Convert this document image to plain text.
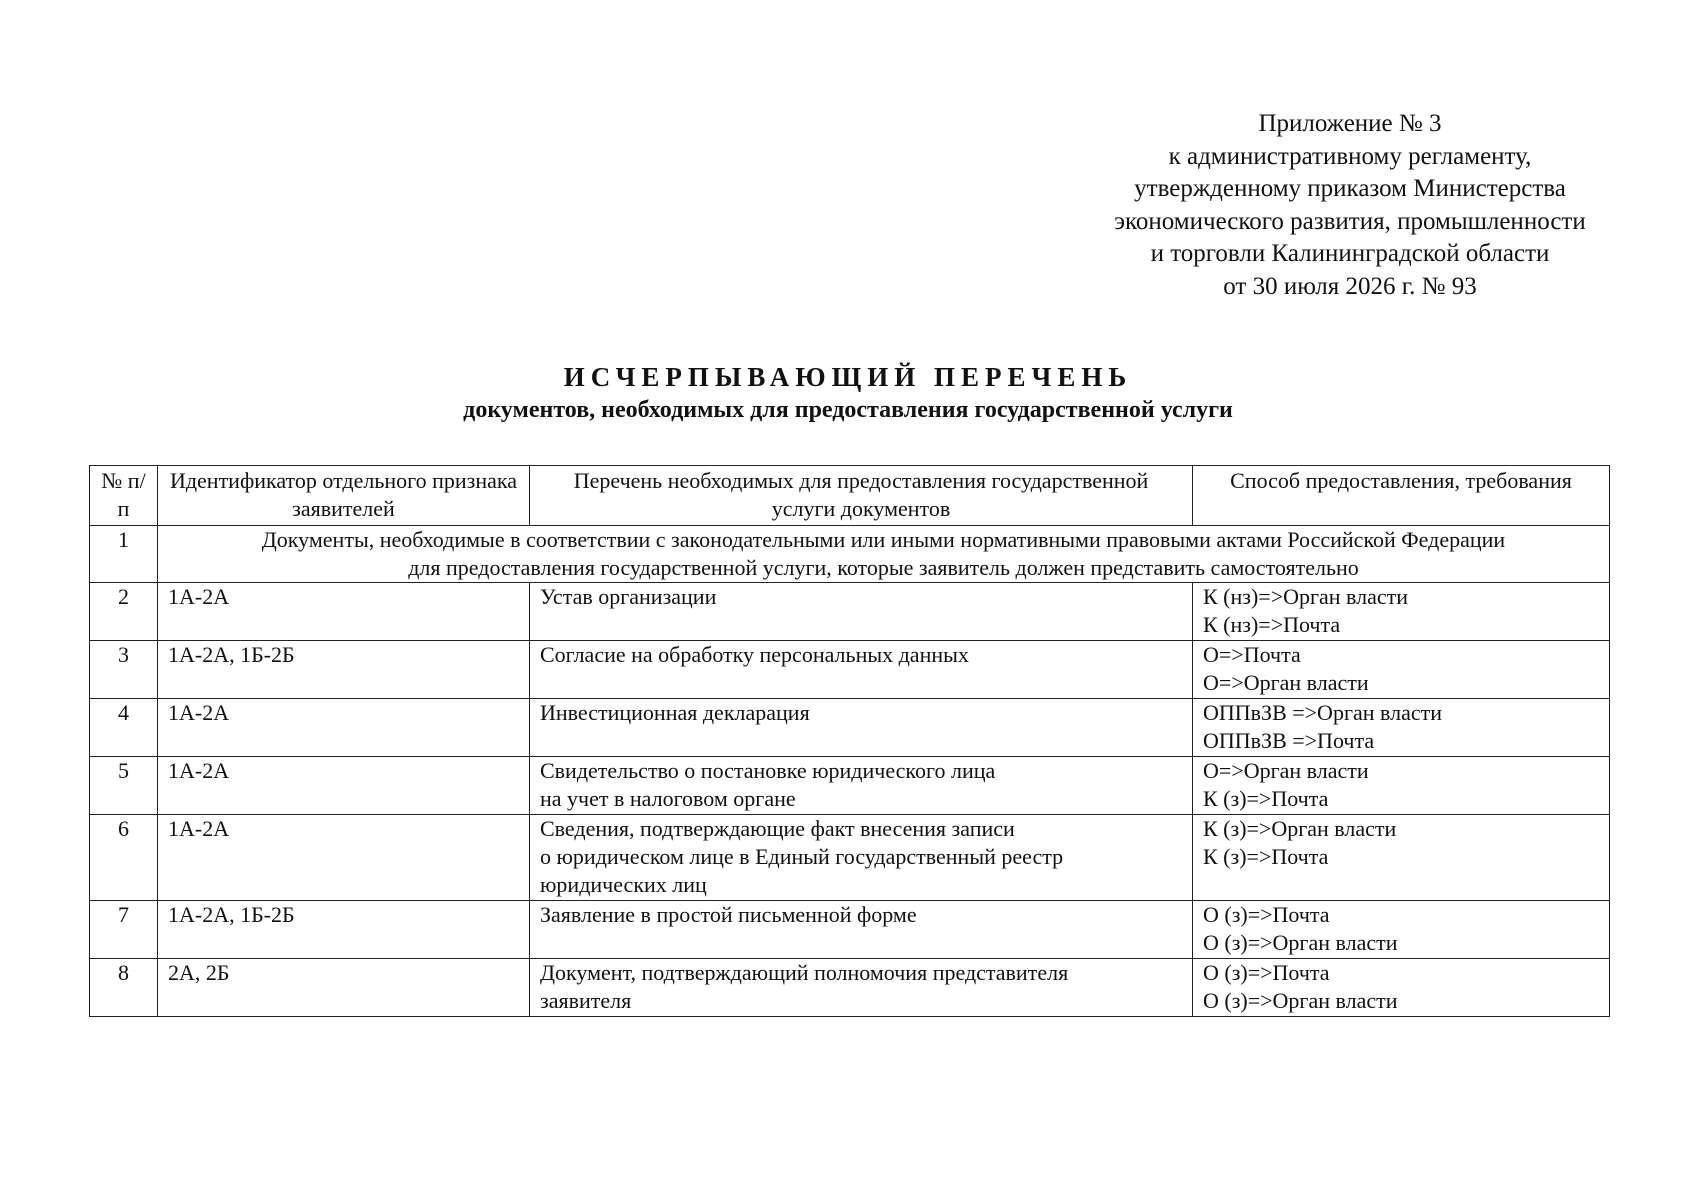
Приложение № 3
к административному регламенту,
утвержденному приказом Министерства
экономического развития, промышленности
и торговли Калининградской области
от 30 июля 2026 г. № 93
ИСЧЕРПЫВАЮЩИЙ ПЕРЕЧЕНЬ
документов, необходимых для предоставления государственной услуги
№ п/п	Идентификатор отдельного признака заявителей	Перечень необходимых для предоставления государственной услуги документов	Способ предоставления, требования
1	Документы, необходимые в соответствии с законодательными или иными нормативными правовыми актами Российской Федерации
для предоставления государственной услуги, которые заявитель должен представить самостоятельно		

2	1А-2А	Устав организации	К (нз)=>Орган власти
К (нз)=>Почта

3	1А-2А, 1Б-2Б	Согласие на обработку персональных данных	О=>Почта
О=>Орган власти

4	1А-2А	Инвестиционная декларация	ОППвЗВ =>Орган власти
ОППвЗВ =>Почта

5	1А-2А	Свидетельство о постановке юридического лица
на учет в налоговом органе	О=>Орган власти
К (з)=>Почта

6	1А-2А	Сведения, подтверждающие факт внесения записи
о юридическом лице в Единый государственный реестр
юридических лиц	К (з)=>Орган власти
К (з)=>Почта

7	1А-2А, 1Б-2Б	Заявление в простой письменной форме	О (з)=>Почта
О (з)=>Орган власти

8	2А, 2Б	Документ, подтверждающий полномочия представителя
заявителя	О (з)=>Почта
О (з)=>Орган власти
